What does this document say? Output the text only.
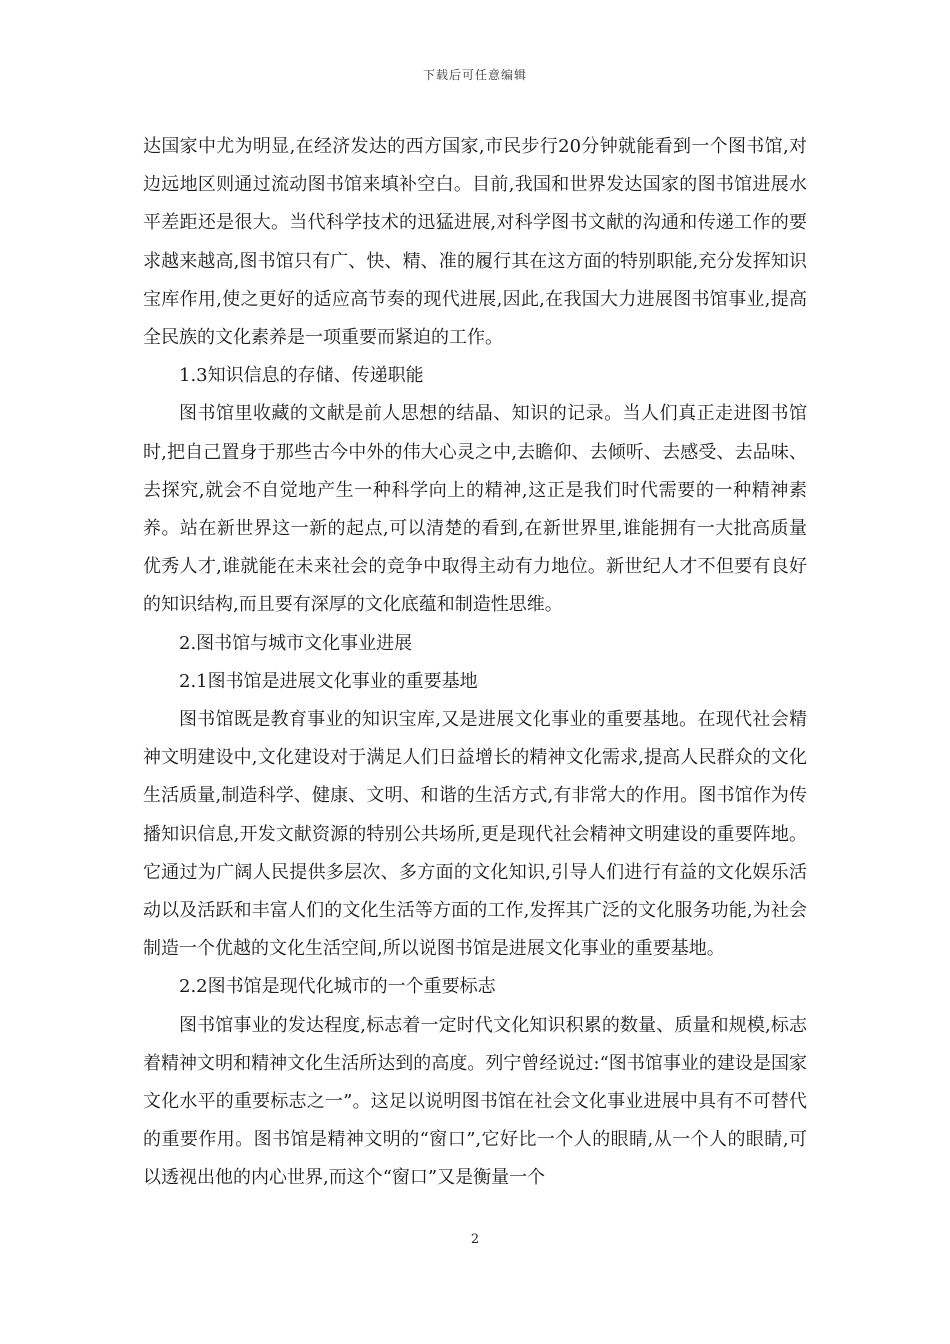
下载后可任意编辑

达国家中尤为明显,在经济发达的西方国家,市民步行20分钟就能看到一个图书馆,对边远地区则通过流动图书馆来填补空白。目前,我国和世界发达国家的图书馆进展水平差距还是很大。当代科学技术的迅猛进展,对科学图书文献的沟通和传递工作的要求越来越高,图书馆只有广、快、精、准的履行其在这方面的特别职能,充分发挥知识宝库作用,使之更好的适应高节奏的现代进展,因此,在我国大力进展图书馆事业,提高全民族的文化素养是一项重要而紧迫的工作。

1.3知识信息的存储、传递职能

图书馆里收藏的文献是前人思想的结晶、知识的记录。当人们真正走进图书馆时,把自己置身于那些古今中外的伟大心灵之中,去瞻仰、去倾听、去感受、去品味、去探究,就会不自觉地产生一种科学向上的精神,这正是我们时代需要的一种精神素养。站在新世界这一新的起点,可以清楚的看到,在新世界里,谁能拥有一大批高质量优秀人才,谁就能在未来社会的竞争中取得主动有力地位。新世纪人才不但要有良好的知识结构,而且要有深厚的文化底蕴和制造性思维。

2.图书馆与城市文化事业进展

2.1图书馆是进展文化事业的重要基地

图书馆既是教育事业的知识宝库,又是进展文化事业的重要基地。在现代社会精神文明建设中,文化建设对于满足人们日益增长的精神文化需求,提高人民群众的文化生活质量,制造科学、健康、文明、和谐的生活方式,有非常大的作用。图书馆作为传播知识信息,开发文献资源的特别公共场所,更是现代社会精神文明建设的重要阵地。它通过为广阔人民提供多层次、多方面的文化知识,引导人们进行有益的文化娱乐活动以及活跃和丰富人们的文化生活等方面的工作,发挥其广泛的文化服务功能,为社会制造一个优越的文化生活空间,所以说图书馆是进展文化事业的重要基地。

2.2图书馆是现代化城市的一个重要标志

图书馆事业的发达程度,标志着一定时代文化知识积累的数量、质量和规模,标志着精神文明和精神文化生活所达到的高度。列宁曾经说过:“图书馆事业的建设是国家文化水平的重要标志之一”。这足以说明图书馆在社会文化事业进展中具有不可替代的重要作用。图书馆是精神文明的“窗口”,它好比一个人的眼睛,从一个人的眼睛,可以透视出他的内心世界,而这个“窗口”又是衡量一个

2
